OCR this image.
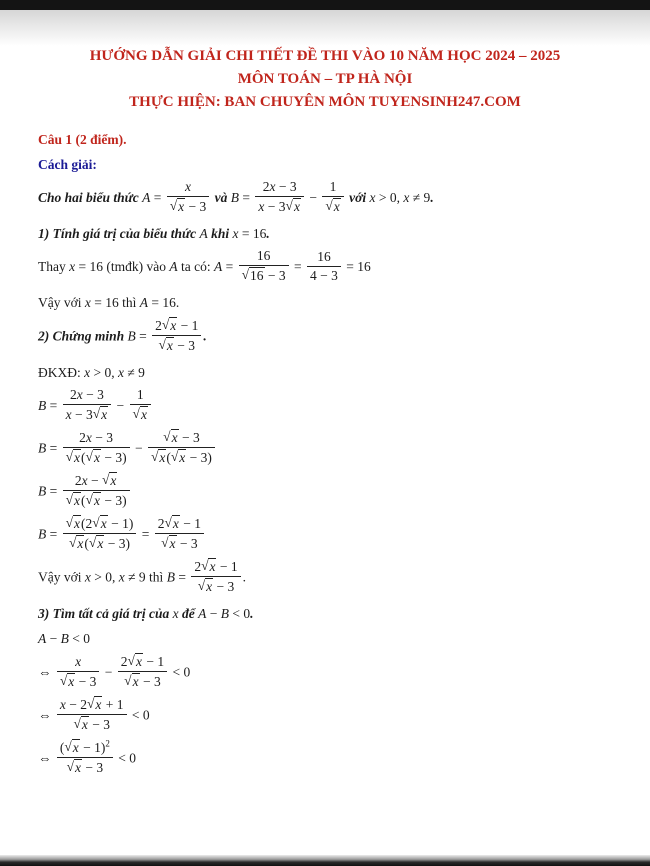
HƯỚNG DẪN GIẢI CHI TIẾT ĐỀ THI VÀO 10 NĂM HỌC 2024 – 2025
MÔN TOÁN – TP HÀ NỘI
THỰC HIỆN: BAN CHUYÊN MÔN TUYENSINH247.COM
Câu 1 (2 điểm).
Cách giải:
Cho hai biểu thức $A = \frac{x}{√x - 3}$ và $B = \frac{2x - 3}{x - 3√x} - \frac{1}{√x}$ với x > 0, x ≠ 9.
1) Tính giá trị của biểu thức A khi x = 16.
Thay x = 16 (tmđk) vào A ta có: $A = \frac{16}{√16 - 3} = \frac{16}{4 - 3} = 16$
Vậy với x = 16 thì A = 16.
2) Chứng minh $B = \frac{2√x - 1}{√x - 3}$ .
ĐKXĐ: x > 0, x ≠ 9
$B = \frac{2x - 3}{x - 3√x} - \frac{1}{√x}$
$B = \frac{2x - 3}{√x(√x - 3)} - \frac{√x - 3}{√x(√x - 3)}$
$B = \frac{2x - √x}{√x(√x - 3)}$
$B = \frac{√x(2√x - 1)}{√x(√x - 3)} = \frac{2√x - 1}{√x - 3}$
Vậy với x > 0, x ≠ 9 thì $B = \frac{2√x - 1}{√x - 3}$ .
3) Tìm tất cả giá trị của x để A − B < 0.
A − B < 0
⇔ $\frac{x}{√x - 3} - \frac{2√x - 1}{√x - 3} < 0$
⇔ $\frac{x - 2√x + 1}{√x - 3} < 0$
⇔ $\frac{(√x - 1)^2}{√x - 3} < 0$
